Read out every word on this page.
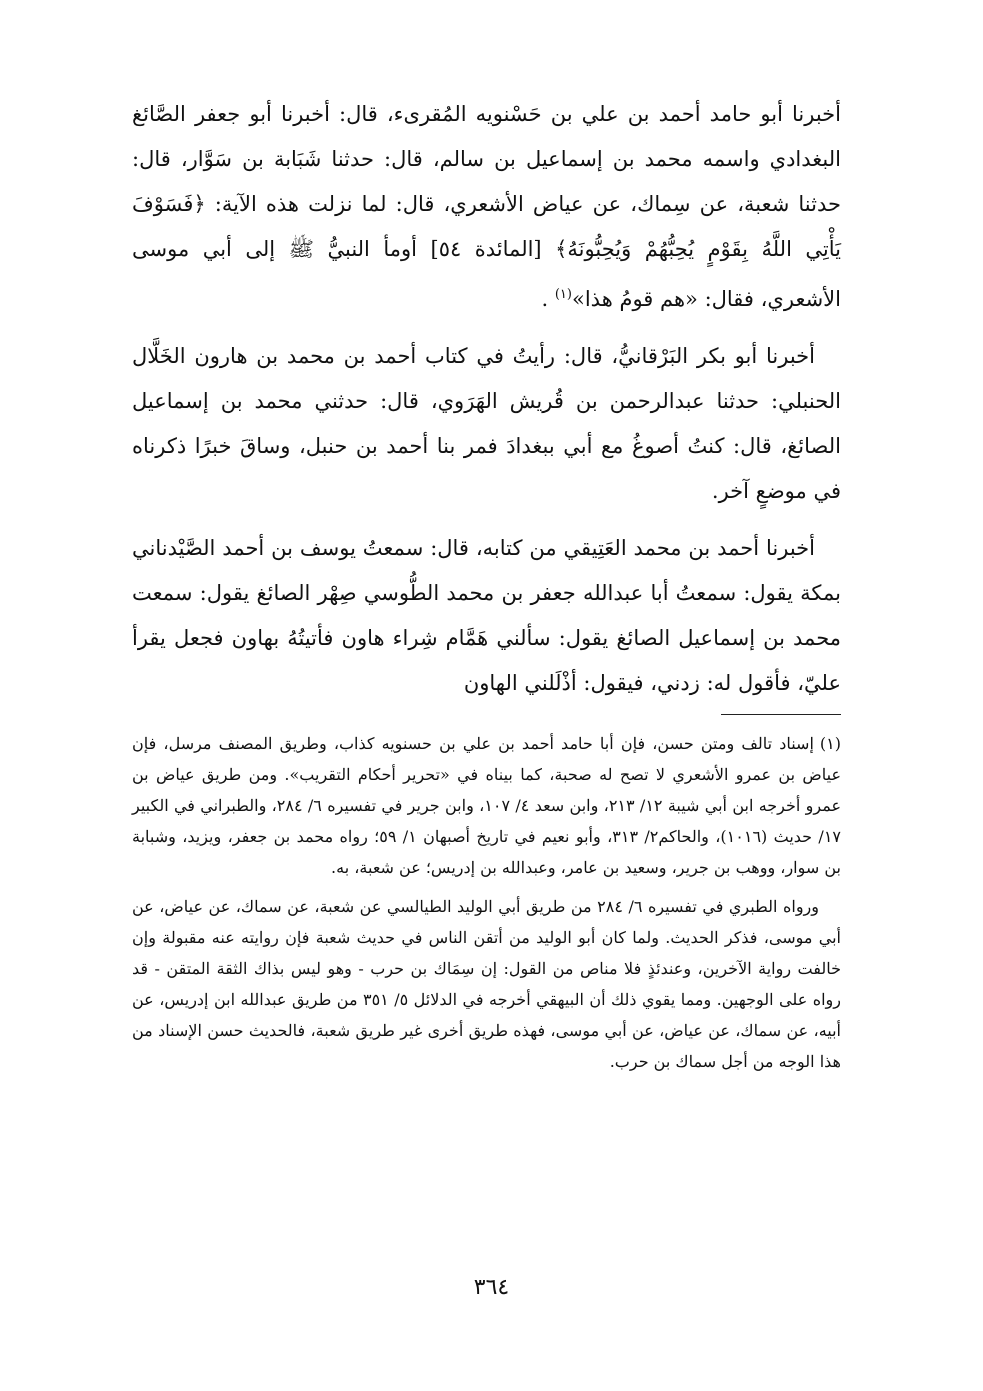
أخبرنا أبو حامد أحمد بن علي بن حَسْنويه المُقرىء، قال: أخبرنا أبو جعفر الصَّائغ البغدادي واسمه محمد بن إسماعيل بن سالم، قال: حدثنا شَبَابة بن سَوَّار، قال: حدثنا شعبة، عن سِماك، عن عياض الأشعري، قال: لما نزلت هذه الآية: ﴿فَسَوْفَ يَأْتِي اللَّهُ بِقَوْمٍ يُحِبُّهُمْ وَيُحِبُّونَهُ﴾ [المائدة ٥٤] أومأ النبيُّ ﷺ إلى أبي موسى الأشعري، فقال: «هم قومُ هذا»$^{(١)}$ .

أخبرنا أبو بكر البَرْقانيُّ، قال: رأيتُ في كتاب أحمد بن محمد بن هارون الخَلَّال الحنبلي: حدثنا عبدالرحمن بن قُريش الهَرَوي، قال: حدثني محمد بن إسماعيل الصائغ، قال: كنتُ أصوغُ مع أبي ببغدادَ فمر بنا أحمد بن حنبل، وساقَ خبرًا ذكرناه في موضعٍ آخر.

أخبرنا أحمد بن محمد العَتِيقي من كتابه، قال: سمعتُ يوسف بن أحمد الصَّيْدناني بمكة يقول: سمعتُ أبا عبدالله جعفر بن محمد الطُّوسي صِهْر الصائغ يقول: سمعت محمد بن إسماعيل الصائغ يقول: سألني هَمَّام شِراء هاون فأتيتُهُ بهاون فجعل يقرأ عليّ، فأقول له: زدني، فيقول: أذْلَلني الهاون

(١)إسناد تالف ومتن حسن، فإن أبا حامد أحمد بن علي بن حسنويه كذاب، وطريق المصنف مرسل، فإن عياض بن عمرو الأشعري لا تصح له صحبة، كما بيناه في «تحرير أحكام التقريب». ومن طريق عياض بن عمرو أخرجه ابن أبي شيبة ١٢/ ٢١٣، وابن سعد ٤/ ١٠٧، وابن جرير في تفسيره ٦/ ٢٨٤، والطبراني في الكبير ١٧/ حديث (١٠١٦)، والحاكم٢/ ٣١٣، وأبو نعيم في تاريخ أصبهان ١/ ٥٩؛ رواه محمد بن جعفر، ويزيد، وشبابة بن سوار، ووهب بن جرير، وسعيد بن عامر، وعبدالله بن إدريس؛ عن شعبة، به.

ورواه الطبري في تفسيره ٦/ ٢٨٤ من طريق أبي الوليد الطيالسي عن شعبة، عن سماك، عن عياض، عن أبي موسى، فذكر الحديث. ولما كان أبو الوليد من أتقن الناس في حديث شعبة فإن روايته عنه مقبولة وإن خالفت رواية الآخرين، وعندئذٍ فلا مناص من القول: إن سِمَاك بن حرب - وهو ليس بذاك الثقة المتقن - قد رواه على الوجهين. ومما يقوي ذلك أن البيهقي أخرجه في الدلائل ٥/ ٣٥١ من طريق عبدالله ابن إدريس، عن أبيه، عن سماك، عن عياض، عن أبي موسى، فهذه طريق أخرى غير طريق شعبة، فالحديث حسن الإسناد من هذا الوجه من أجل سماك بن حرب.

٣٦٤
